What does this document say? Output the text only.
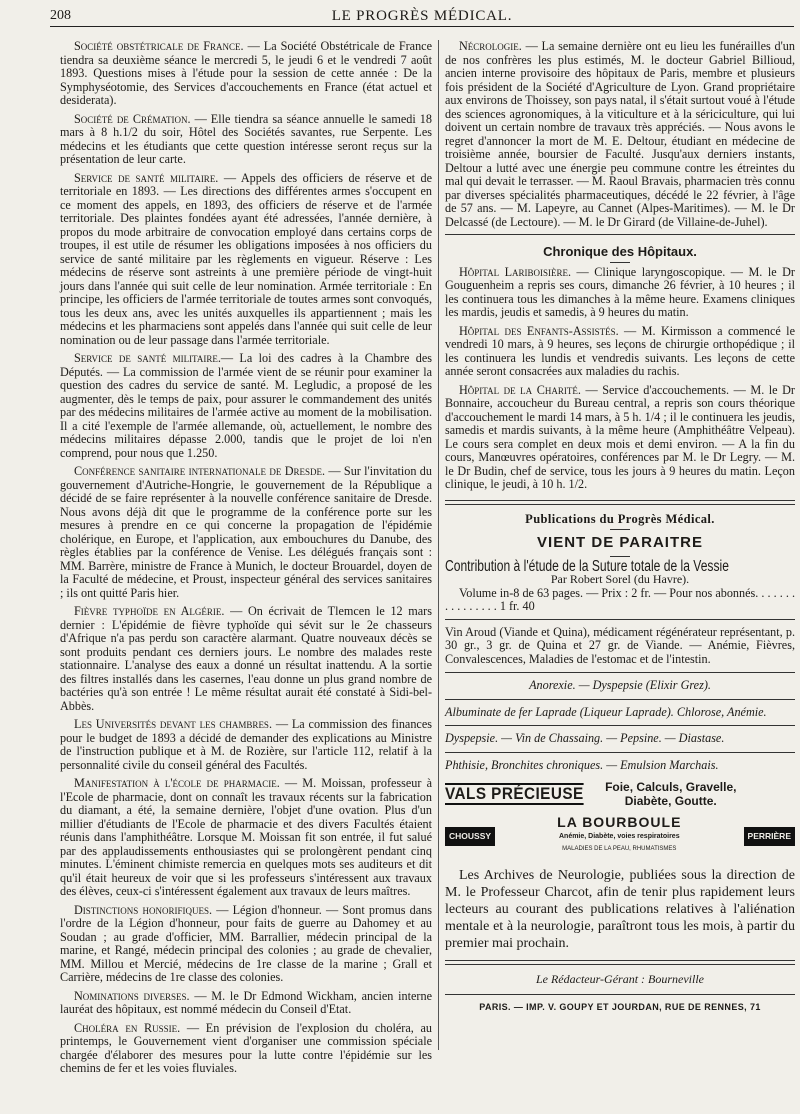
208	LE PROGRÈS MÉDICAL.

Société obstétricale de France. — La Société Obstétricale de France tiendra sa deuxième séance le mercredi 5, le jeudi 6 et le vendredi 7 août 1893. Questions mises à l'étude pour la session de cette année : De la Symphyséotomie, des Services d'accouchements en France (état actuel et desiderata).

Société de Crémation. — Elle tiendra sa séance annuelle le samedi 18 mars à 8 h.1/2 du soir, Hôtel des Sociétés savantes, rue Serpente. Les médecins et les étudiants que cette question intéresse seront reçus sur la présentation de leur carte.

Service de santé militaire. — Appels des officiers de réserve et de territoriale en 1893. — Les directions des différentes armes s'occupent en ce moment des appels, en 1893, des officiers de réserve et de l'armée territoriale. Des plaintes fondées ayant été adressées, l'année dernière, à propos du mode arbitraire de convocation employé dans certains corps de troupes, il est utile de résumer les obligations imposées à nos officiers du service de santé militaire par les règlements en vigueur. Réserve : Les médecins de réserve sont astreints à une première période de vingt-huit jours dans l'année qui suit celle de leur nomination. Armée territoriale : En principe, les officiers de l'armée territoriale de toutes armes sont convoqués, tous les deux ans, avec les unités auxquelles ils appartiennent ; mais les médecins et les pharmaciens sont appelés dans l'année qui suit celle de leur nomination ou de leur passage dans l'armée territoriale.

Service de santé militaire.— La loi des cadres à la Chambre des Députés. — La commission de l'armée vient de se réunir pour examiner la question des cadres du service de santé. M. Legludic, a proposé de les augmenter, dès le temps de paix, pour assurer le commandement des unités par des médecins militaires de l'armée active au moment de la mobilisation. Il a cité l'exemple de l'armée allemande, où, actuellement, le nombre des médecins militaires dépasse 2.000, tandis que le projet de loi n'en comprend, pour nous que 1.250.

Conférence sanitaire internationale de Dresde. — Sur l'invitation du gouvernement d'Autriche-Hongrie, le gouvernement de la République a décidé de se faire représenter à la nouvelle conférence sanitaire de Dresde. Nous avons déjà dit que le programme de la conférence porte sur les mesures à prendre en ce qui concerne la propagation de l'épidémie cholérique, en Europe, et l'application, aux embouchures du Danube, des règles établies par la conférence de Venise. Les délégués français sont : MM. Barrère, ministre de France à Munich, le docteur Brouardel, doyen de la Faculté de médecine, et Proust, inspecteur général des services sanitaires ; ils ont quitté Paris hier.

Fièvre typhoïde en Algérie. — On écrivait de Tlemcen le 12 mars dernier : L'épidémie de fièvre typhoïde qui sévit sur le 2e chasseurs d'Afrique n'a pas perdu son caractère alarmant. Quatre nouveaux décès se sont produits pendant ces derniers jours. Le nombre des malades reste stationnaire. L'analyse des eaux a donné un résultat inattendu. A la sortie des filtres installés dans les casernes, l'eau donne un plus grand nombre de bactéries qu'à son entrée ! Le même résultat aurait été constaté à Sidi-bel-Abbès.

Les Universités devant les chambres. — La commission des finances pour le budget de 1893 a décidé de demander des explications au Ministre de l'instruction publique et à M. de Rozière, sur l'article 112, relatif à la personnalité civile du conseil général des Facultés.

Manifestation à l'école de pharmacie. — M. Moissan, professeur à l'Ecole de pharmacie, dont on connaît les travaux récents sur la fabrication du diamant, a été, la semaine dernière, l'objet d'une ovation. Plus d'un millier d'étudiants de l'Ecole de pharmacie et des divers Facultés étaient réunis dans l'amphithéâtre. Lorsque M. Moissan fit son entrée, il fut salué par des applaudissements enthousiastes qui se prolongèrent pendant cinq minutes. L'éminent chimiste remercia en quelques mots ses auditeurs et dit qu'il était heureux de voir que si les professeurs s'intéressent aux travaux des élèves, ceux-ci s'intéressent également aux travaux de leurs maîtres.

Distinctions honorifiques. — Légion d'honneur. — Sont promus dans l'ordre de la Légion d'honneur, pour faits de guerre au Dahomey et au Soudan ; au grade d'officier, MM. Barrallier, médecin principal de la marine, et Rangé, médecin principal des colonies ; au grade de chevalier, MM. Millou et Mercié, médecins de 1re classe de la marine ; Grall et Carrière, médecins de 1re classe des colonies.

Nominations diverses. — M. le Dr Edmond Wickham, ancien interne lauréat des hôpitaux, est nommé médecin du Conseil d'Etat.

Choléra en Russie. — En prévision de l'explosion du choléra, au printemps, le Gouvernement vient d'organiser une commission spéciale chargée d'élaborer des mesures pour la lutte contre l'épidémie sur les chemins de fer et les voies fluviales.

Nécrologie. — La semaine dernière ont eu lieu les funérailles d'un de nos confrères les plus estimés, M. le docteur Gabriel Billioud, ancien interne provisoire des hôpitaux de Paris, membre et plusieurs fois président de la Société d'Agriculture de Lyon. Grand propriétaire aux environs de Thoissey, son pays natal, il s'était surtout voué à l'étude des sciences agronomiques, à la viticulture et à la sériciculture, qui lui doivent un certain nombre de travaux très appréciés. — Nous avons le regret d'annoncer la mort de M. E. Deltour, étudiant en médecine de troisième année, boursier de Faculté. Jusqu'aux derniers instants, Deltour a lutté avec une énergie peu commune contre les étreintes du mal qui devait le terrasser. — M. Raoul Bravais, pharmacien très connu par diverses spécialités pharmaceutiques, décédé le 22 février, à l'âge de 57 ans. — M. Lapeyre, au Cannet (Alpes-Maritimes). — M. le Dr Delcassé (de Lectoure). — M. le Dr Girard (de Villaine-de-Juhel).

Chronique des Hôpitaux.

Hôpital Lariboisière. — Clinique laryngoscopique. — M. le Dr Gouguenheim a repris ses cours, dimanche 26 février, à 10 heures ; il les continuera tous les dimanches à la même heure. Examens cliniques les mardis, jeudis et samedis, à 9 heures du matin.

Hôpital des Enfants-Assistés. — M. Kirmisson a commencé le vendredi 10 mars, à 9 heures, ses leçons de chirurgie orthopédique ; il les continuera les lundis et vendredis suivants. Les leçons de cette année seront consacrées aux maladies du rachis.

Hôpital de la Charité. — Service d'accouchements. — M. le Dr Bonnaire, accoucheur du Bureau central, a repris son cours théorique d'accouchement le mardi 14 mars, à 5 h. 1/4 ; il le continuera les jeudis, samedis et mardis suivants, à la même heure (Amphithéâtre Velpeau). Le cours sera complet en deux mois et demi environ. — A la fin du cours, Manœuvres opératoires, conférences par M. le Dr Legry. — M. le Dr Budin, chef de service, tous les jours à 9 heures du matin. Leçon clinique, le jeudi, à 10 h. 1/2.

Publications du Progrès Médical.
VIENT DE PARAITRE
Contribution à l'étude de la Suture totale de la Vessie
Par Robert Sorel (du Havre).

Volume in-8 de 63 pages. — Prix : 2 fr. — Pour nos abonnés. . . . . . . . . . . . . . . . 1 fr. 40

Vin Aroud (Viande et Quina), médicament régénérateur représentant, p. 30 gr., 3 gr. de Quina et 27 gr. de Viande. — Anémie, Fièvres, Convalescences, Maladies de l'estomac et de l'intestin.

Anorexie. — Dyspepsie (Elixir Grez).

Albuminate de fer Laprade (Liqueur Laprade). Chlorose, Anémie.

Dyspepsie. — Vin de Chassaing. — Pepsine. — Diastase.

Phthisie, Bronchites chroniques. — Emulsion Marchais.

VALS PRÉCIEUSE Foie, Calculs, Gravelle,
Diabète, Goutte.
CHOUSSY
LA BOURBOULE
Anémie, Diabète, voies respiratoires
MALADIES DE LA PEAU, RHUMATISMES
PERRIÈRE
Les Archives de Neurologie, publiées sous la direction de M. le Professeur Charcot, afin de tenir plus rapidement leurs lecteurs au courant des publications relatives à l'aliénation mentale et à la neurologie, paraîtront tous les mois, à partir du premier mai prochain.
Le Rédacteur-Gérant : Bourneville
PARIS. — IMP. V. GOUPY ET JOURDAN, RUE DE RENNES, 71
